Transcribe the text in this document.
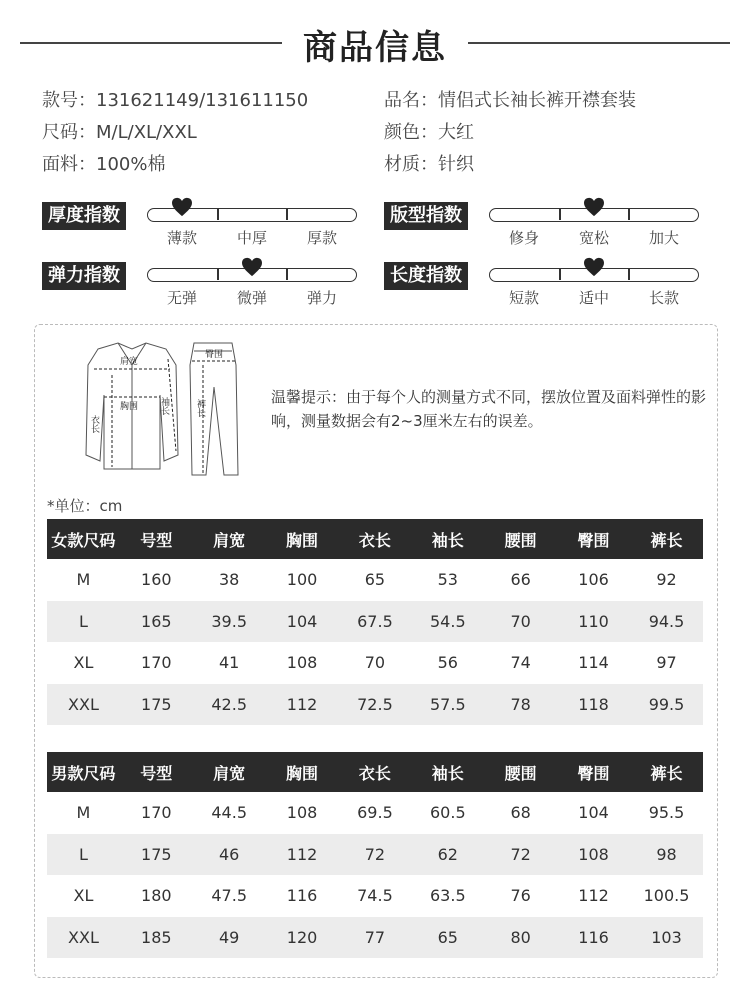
商品信息
款号：131621149/131611150	品名：情侣式长袖长裤开襟套装
尺码：M/L/XL/XXL	颜色：大红
面料：100%棉	材质：针织
厚度指数
薄款	中厚	厚款
版型指数
修身	宽松	加大
弹力指数
无弹	微弹	弹力
长度指数
短款	适中	长款
肩宽
胸围
衣长
袖长
臀围
裤长
温馨提示：由于每个人的测量方式不同，摆放位置及面料弹性的影响，测量数据会有2~3厘米左右的误差。
*单位：cm
女款尺码	号型	肩宽	胸围	衣长	袖长	腰围	臀围	裤长
M	160	38	100	65	53	66	106	92
L	165	39.5	104	67.5	54.5	70	110	94.5
XL	170	41	108	70	56	74	114	97
XXL	175	42.5	112	72.5	57.5	78	118	99.5
男款尺码	号型	肩宽	胸围	衣长	袖长	腰围	臀围	裤长
M	170	44.5	108	69.5	60.5	68	104	95.5
L	175	46	112	72	62	72	108	98
XL	180	47.5	116	74.5	63.5	76	112	100.5
XXL	185	49	120	77	65	80	116	103
